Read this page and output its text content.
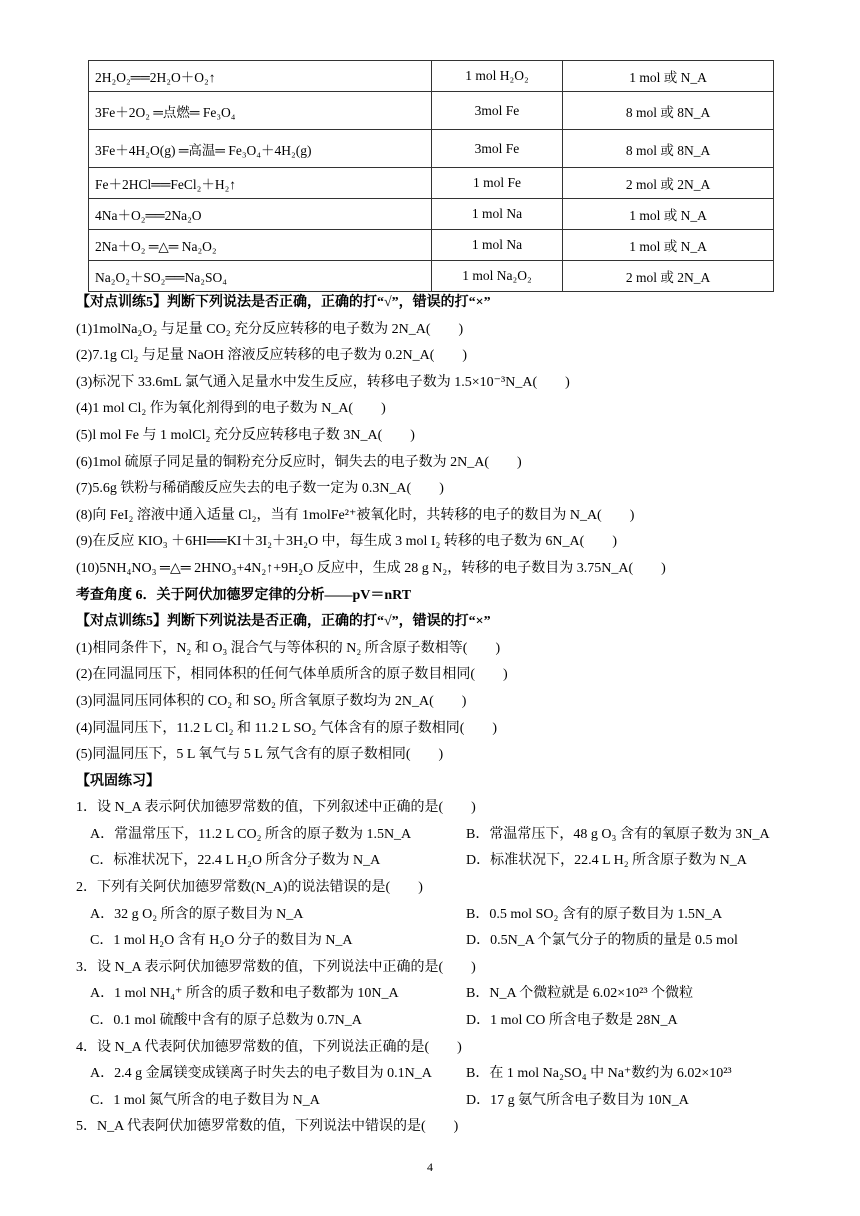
2H₂O₂══2H₂O＋O₂↑	1 mol H₂O₂	1 mol 或 N_A
3Fe＋2O₂ ═点燃═ Fe₃O₄	3mol Fe	8 mol 或 8N_A
3Fe＋4H₂O(g) ═高温═ Fe₃O₄＋4H₂(g)	3mol Fe	8 mol 或 8N_A
Fe＋2HCl══FeCl₂＋H₂↑	1 mol Fe	2 mol 或 2N_A
4Na＋O₂══2Na₂O	1 mol Na	1 mol 或 N_A
2Na＋O₂ ═△═ Na₂O₂	1 mol Na	1 mol 或 N_A
Na₂O₂＋SO₂══Na₂SO₄	1 mol Na₂O₂	2 mol 或 2N_A
【对点训练5】判断下列说法是否正确，正确的打“√”，错误的打“×”
(1)1molNa₂O₂ 与足量 CO₂ 充分反应转移的电子数为 2N_A(　　)
(2)7.1g Cl₂ 与足量 NaOH 溶液反应转移的电子数为 0.2N_A(　　)
(3)标况下 33.6mL 氯气通入足量水中发生反应，转移电子数为 1.5×10⁻³N_A(　　)
(4)1 mol Cl₂ 作为氧化剂得到的电子数为 N_A(　　)
(5)l mol Fe 与 1 molCl₂ 充分反应转移电子数 3N_A(　　)
(6)1mol 硫原子同足量的铜粉充分反应时，铜失去的电子数为 2N_A(　　)
(7)5.6g 铁粉与稀硝酸反应失去的电子数一定为 0.3N_A(　　)
(8)向 FeI₂ 溶液中通入适量 Cl₂，当有 1molFe²⁺被氧化时，共转移的电子的数目为 N_A(　　)
(9)在反应 KIO₃ ＋6HI══KI＋3I₂＋3H₂O 中，每生成 3 mol I₂ 转移的电子数为 6N_A(　　)
(10)5NH₄NO₃ ═△═ 2HNO₃+4N₂↑+9H₂O 反应中，生成 28 g N₂，转移的电子数目为 3.75N_A(　　)
考查角度 6．关于阿伏加德罗定律的分析——pV＝nRT
【对点训练5】判断下列说法是否正确，正确的打“√”，错误的打“×”
(1)相同条件下，N₂ 和 O₃ 混合气与等体积的 N₂ 所含原子数相等(　　)
(2)在同温同压下，相同体积的任何气体单质所含的原子数目相同(　　)
(3)同温同压同体积的 CO₂ 和 SO₂ 所含氧原子数均为 2N_A(　　)
(4)同温同压下，11.2 L Cl₂ 和 11.2 L SO₂ 气体含有的原子数相同(　　)
(5)同温同压下，5 L 氧气与 5 L 氖气含有的原子数相同(　　)
【巩固练习】
1．设 N_A 表示阿伏加德罗常数的值，下列叙述中正确的是(　　)
A．常温常压下，11.2 L CO₂ 所含的原子数为 1.5N_A	B．常温常压下，48 g O₃ 含有的氧原子数为 3N_A
C．标准状况下，22.4 L H₂O 所含分子数为 N_A	D．标准状况下，22.4 L H₂ 所含原子数为 N_A
2．下列有关阿伏加德罗常数(N_A)的说法错误的是(　　)
A．32 g O₂ 所含的原子数目为 N_A	B．0.5 mol SO₂ 含有的原子数目为 1.5N_A
C．1 mol H₂O 含有 H₂O 分子的数目为 N_A	D．0.5N_A 个氯气分子的物质的量是 0.5 mol
3．设 N_A 表示阿伏加德罗常数的值，下列说法中正确的是(　　)
A．1 mol NH₄⁺ 所含的质子数和电子数都为 10N_A	B．N_A 个微粒就是 6.02×10²³ 个微粒
C．0.1 mol 硫酸中含有的原子总数为 0.7N_A	D．1 mol CO 所含电子数是 28N_A
4．设 N_A 代表阿伏加德罗常数的值，下列说法正确的是(　　)
A．2.4 g 金属镁变成镁离子时失去的电子数目为 0.1N_A	B．在 1 mol Na₂SO₄ 中 Na⁺数约为 6.02×10²³
C．1 mol 氮气所含的电子数目为 N_A	D．17 g 氨气所含电子数目为 10N_A
5．N_A 代表阿伏加德罗常数的值，下列说法中错误的是(　　)
4
